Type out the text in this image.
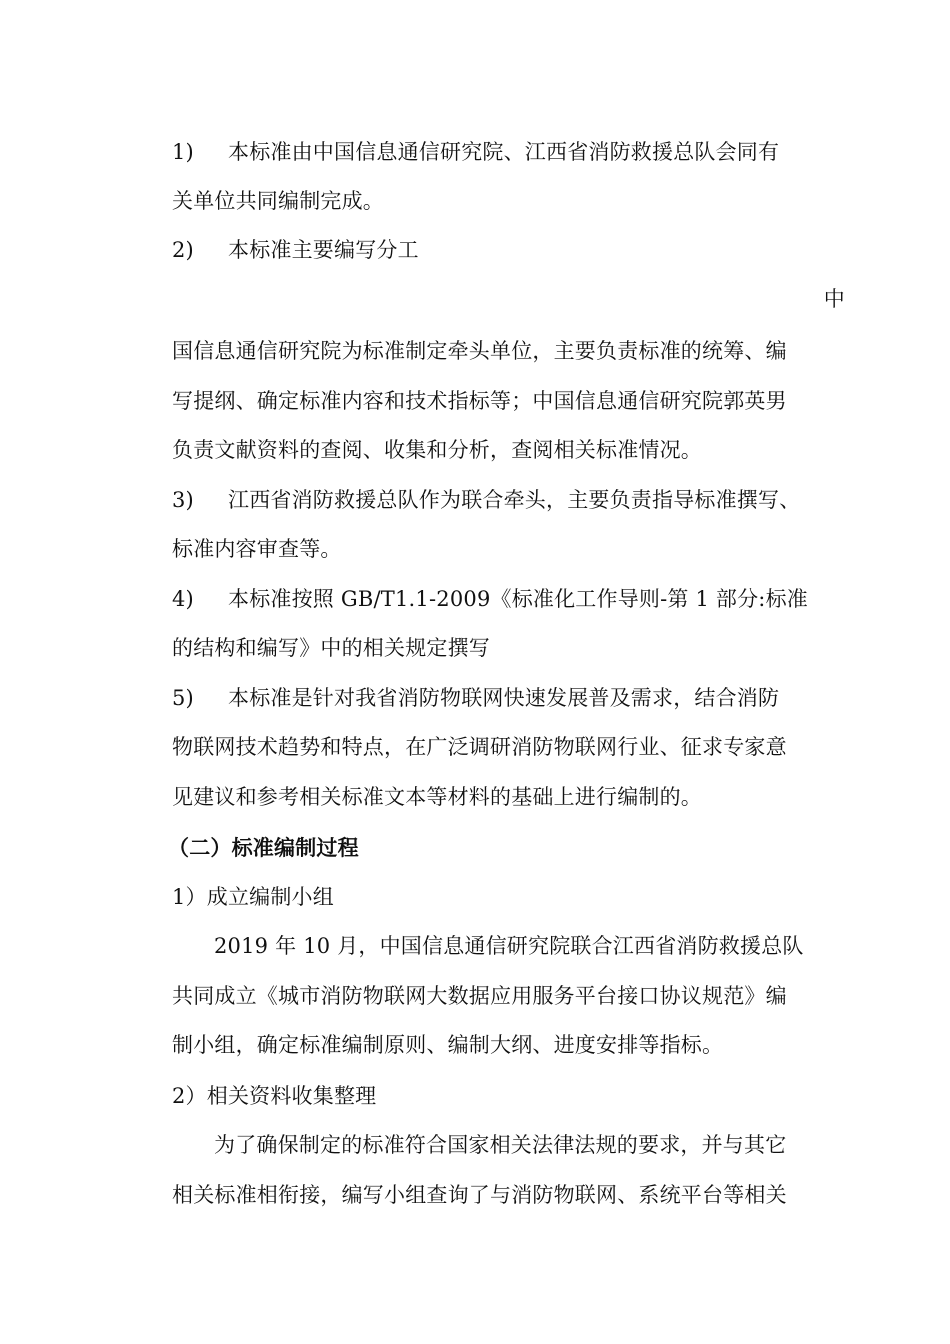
1) 本标准由中国信息通信研究院、江西省消防救援总队会同有
关单位共同编制完成。
2) 本标准主要编写分工
中
国信息通信研究院为标准制定牵头单位，主要负责标准的统筹、编
写提纲、确定标准内容和技术指标等；中国信息通信研究院郭英男
负责文献资料的查阅、收集和分析，查阅相关标准情况。
3) 江西省消防救援总队作为联合牵头，主要负责指导标准撰写、
标准内容审查等。
4) 本标准按照 GB/T1.1-2009《标准化工作导则-第 1 部分:标准
的结构和编写》中的相关规定撰写
5) 本标准是针对我省消防物联网快速发展普及需求，结合消防
物联网技术趋势和特点，在广泛调研消防物联网行业、征求专家意
见建议和参考相关标准文本等材料的基础上进行编制的。
（二）标准编制过程
1）成立编制小组
2019 年 10 月，中国信息通信研究院联合江西省消防救援总队
共同成立《城市消防物联网大数据应用服务平台接口协议规范》编
制小组，确定标准编制原则、编制大纲、进度安排等指标。
2）相关资料收集整理
为了确保制定的标准符合国家相关法律法规的要求，并与其它
相关标准相衔接，编写小组查询了与消防物联网、系统平台等相关
